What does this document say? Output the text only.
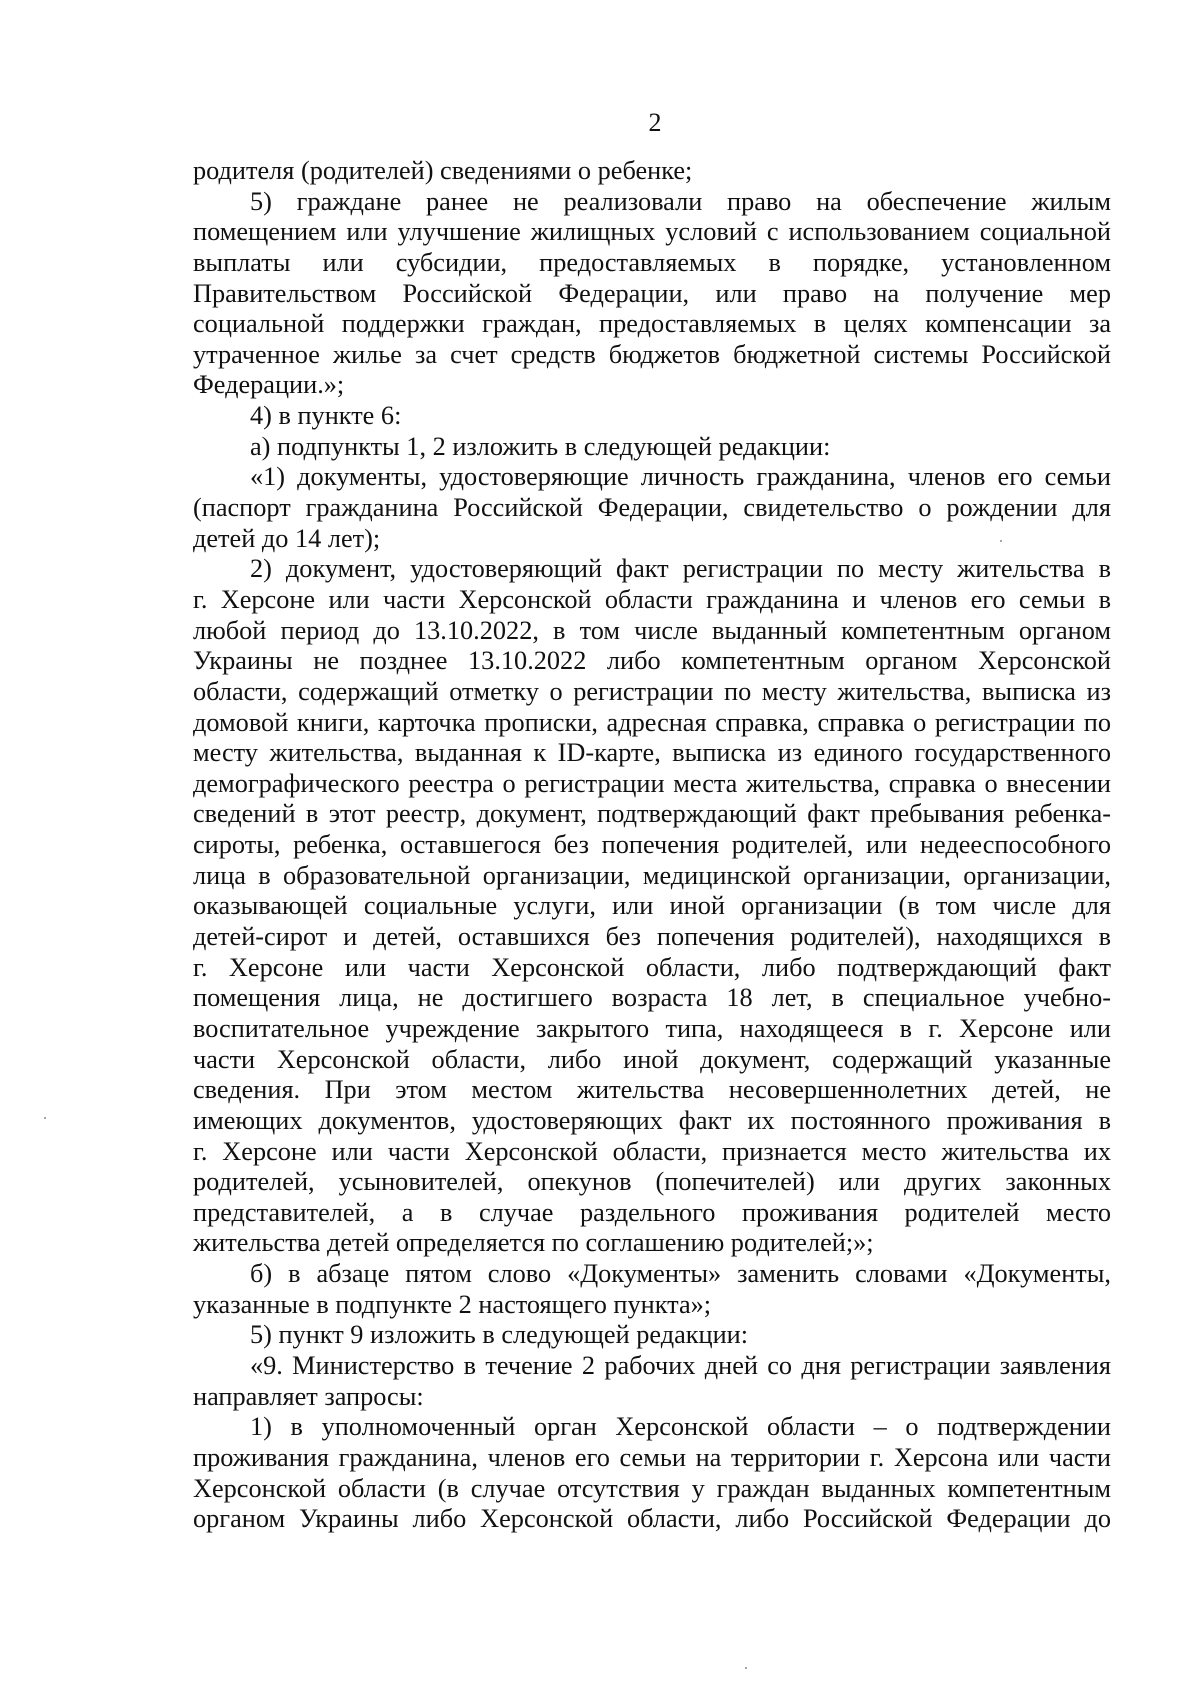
2
родителя (родителей) сведениями о ребенке;
5) граждане ранее не реализовали право на обеспечение жилым
помещением или улучшение жилищных условий с использованием социальной
выплаты или субсидии, предоставляемых в порядке, установленном
Правительством Российской Федерации, или право на получение мер
социальной поддержки граждан, предоставляемых в целях компенсации за
утраченное жилье за счет средств бюджетов бюджетной системы Российской
Федерации.»;
4) в пункте 6:
а) подпункты 1, 2 изложить в следующей редакции:
«1) документы, удостоверяющие личность гражданина, членов его семьи
(паспорт гражданина Российской Федерации, свидетельство о рождении для
детей до 14 лет);
2) документ, удостоверяющий факт регистрации по месту жительства в
г. Херсоне или части Херсонской области гражданина и членов его семьи в
любой период до 13.10.2022, в том числе выданный компетентным органом
Украины не позднее 13.10.2022 либо компетентным органом Херсонской
области, содержащий отметку о регистрации по месту жительства, выписка из
домовой книги, карточка прописки, адресная справка, справка о регистрации по
месту жительства, выданная к ID-карте, выписка из единого государственного
демографического реестра о регистрации места жительства, справка о внесении
сведений в этот реестр, документ, подтверждающий факт пребывания ребенка-
сироты, ребенка, оставшегося без попечения родителей, или недееспособного
лица в образовательной организации, медицинской организации, организации,
оказывающей социальные услуги, или иной организации (в том числе для
детей-сирот и детей, оставшихся без попечения родителей), находящихся в
г. Херсоне или части Херсонской области, либо подтверждающий факт
помещения лица, не достигшего возраста 18 лет, в специальное учебно-
воспитательное учреждение закрытого типа, находящееся в г. Херсоне или
части Херсонской области, либо иной документ, содержащий указанные
сведения. При этом местом жительства несовершеннолетних детей, не
имеющих документов, удостоверяющих факт их постоянного проживания в
г. Херсоне или части Херсонской области, признается место жительства их
родителей, усыновителей, опекунов (попечителей) или других законных
представителей, а в случае раздельного проживания родителей место
жительства детей определяется по соглашению родителей;»;
б) в абзаце пятом слово «Документы» заменить словами «Документы,
указанные в подпункте 2 настоящего пункта»;
5) пункт 9 изложить в следующей редакции:
«9. Министерство в течение 2 рабочих дней со дня регистрации заявления
направляет запросы:
1) в уполномоченный орган Херсонской области – о подтверждении
проживания гражданина, членов его семьи на территории г. Херсона или части
Херсонской области (в случае отсутствия у граждан выданных компетентным
органом Украины либо Херсонской области, либо Российской Федерации до
